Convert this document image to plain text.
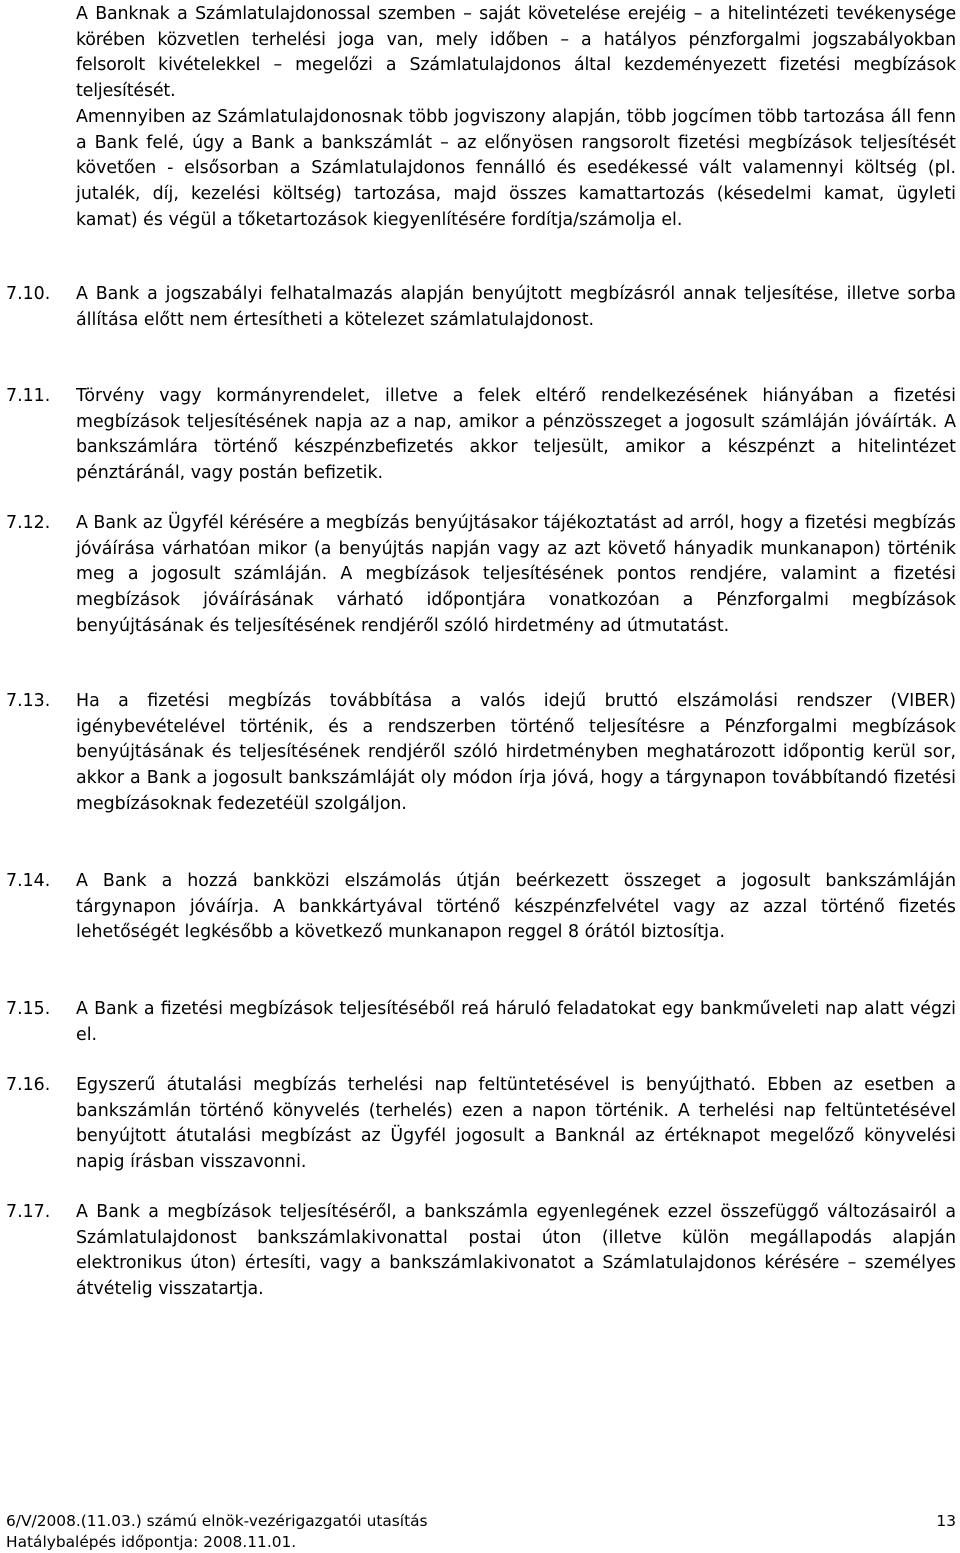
A Banknak a Számlatulajdonossal szemben – saját követelése erejéig – a hitelintézeti tevékenysége körében közvetlen terhelési joga van, mely időben – a hatályos pénzforgalmi jogszabályokban felsorolt kivételekkel – megelőzi a Számlatulajdonos által kezdeményezett fizetési megbízások teljesítését.

Amennyiben az Számlatulajdonosnak több jogviszony alapján, több jogcímen több tartozása áll fenn a Bank felé, úgy a Bank a bankszámlát – az előnyösen rangsorolt fizetési megbízások teljesítését követően - elsősorban a Számlatulajdonos fennálló és esedékessé vált valamennyi költség (pl. jutalék, díj, kezelési költség) tartozása, majd összes kamattartozás (késedelmi kamat, ügyleti kamat) és végül a tőketartozások kiegyenlítésére fordítja/számolja el.

7.10.	A Bank a jogszabályi felhatalmazás alapján benyújtott megbízásról annak teljesítése, illetve sorba állítása előtt nem értesítheti a kötelezet számlatulajdonost.
7.11.	Törvény vagy kormányrendelet, illetve a felek eltérő rendelkezésének hiányában a fizetési megbízások teljesítésének napja az a nap, amikor a pénzösszeget a jogosult számláján jóváírták. A bankszámlára történő készpénzbefizetés akkor teljesült, amikor a készpénzt a hitelintézet pénztáránál, vagy postán befizetik.
7.12.	A Bank az Ügyfél kérésére a megbízás benyújtásakor tájékoztatást ad arról, hogy a fizetési megbízás jóváírása várhatóan mikor (a benyújtás napján vagy az azt követő hányadik munkanapon) történik meg a jogosult számláján. A megbízások teljesítésének pontos rendjére, valamint a fizetési megbízások jóváírásának várható időpontjára vonatkozóan a Pénzforgalmi megbízások benyújtásának és teljesítésének rendjéről szóló hirdetmény ad útmutatást.
7.13.	Ha a fizetési megbízás továbbítása a valós idejű bruttó elszámolási rendszer (VIBER) igénybevételével történik, és a rendszerben történő teljesítésre a Pénzforgalmi megbízások benyújtásának és teljesítésének rendjéről szóló hirdetményben meghatározott időpontig kerül sor, akkor a Bank a jogosult bankszámláját oly módon írja jóvá, hogy a tárgynapon továbbítandó fizetési megbízásoknak fedezetéül szolgáljon.
7.14.	A Bank a hozzá bankközi elszámolás útján beérkezett összeget a jogosult bankszámláján tárgynapon jóváírja. A bankkártyával történő készpénzfelvétel vagy az azzal történő fizetés lehetőségét legkésőbb a következő munkanapon reggel 8 órától biztosítja.
7.15.	A Bank a fizetési megbízások teljesítéséből reá háruló feladatokat egy bankműveleti nap alatt végzi el.
7.16.	Egyszerű átutalási megbízás terhelési nap feltüntetésével is benyújtható. Ebben az esetben a bankszámlán történő könyvelés (terhelés) ezen a napon történik. A terhelési nap feltüntetésével benyújtott átutalási megbízást az Ügyfél jogosult a Banknál az értéknapot megelőző könyvelési napig írásban visszavonni.
7.17.	A Bank a megbízások teljesítéséről, a bankszámla egyenlegének ezzel összefüggő változásairól a Számlatulajdonost bankszámlakivonattal postai úton (illetve külön megállapodás alapján elektronikus úton) értesíti, vagy a bankszámlakivonatot a Számlatulajdonos kérésére – személyes átvételig visszatartja.
6/V/2008.(11.03.) számú elnök-vezérigazgatói utasítás
Hatálybalépés időpontja: 2008.11.01.
13
